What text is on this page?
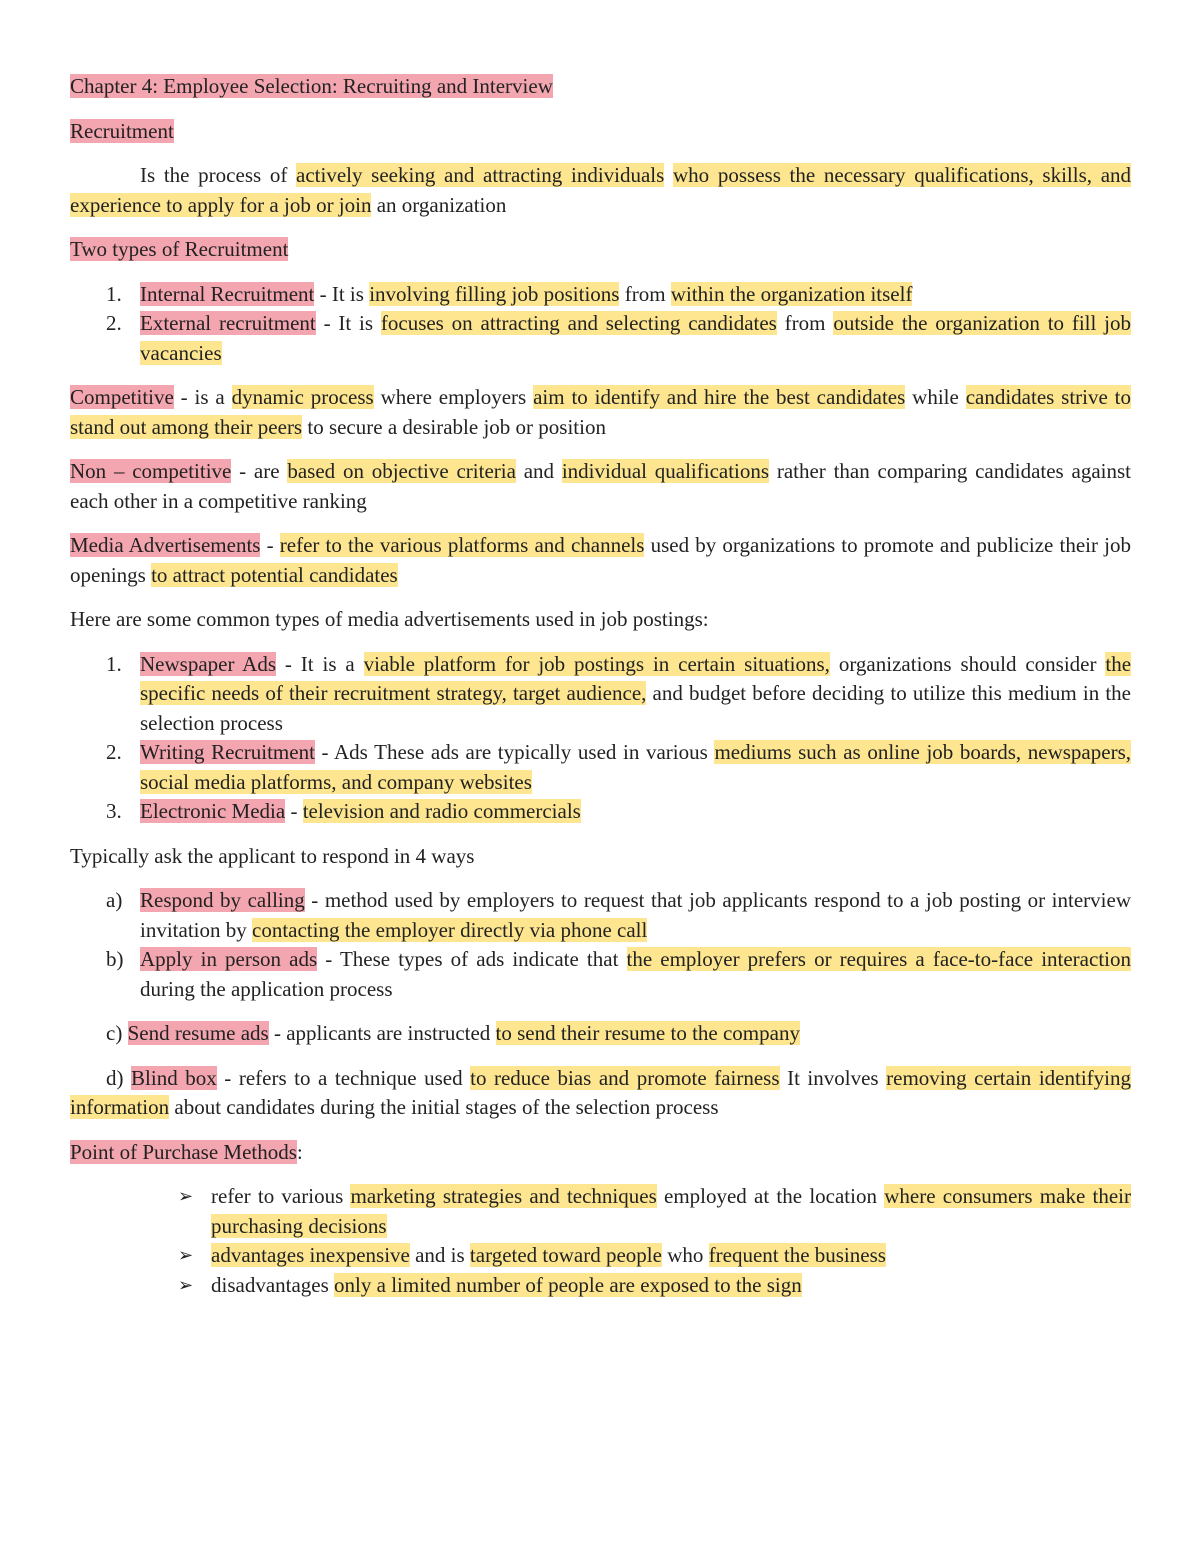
Chapter 4: Employee Selection: Recruiting and Interview

Recruitment

Is the process of actively seeking and attracting individuals who possess the necessary qualifications, skills, and experience to apply for a job or join an organization

Two types of Recruitment

1. Internal Recruitment - It is involving filling job positions from within the organization itself
2. External recruitment - It is focuses on attracting and selecting candidates from outside the organization to fill job vacancies

Competitive - is a dynamic process where employers aim to identify and hire the best candidates while candidates strive to stand out among their peers to secure a desirable job or position

Non – competitive - are based on objective criteria and individual qualifications rather than comparing candidates against each other in a competitive ranking

Media Advertisements - refer to the various platforms and channels used by organizations to promote and publicize their job openings to attract potential candidates

Here are some common types of media advertisements used in job postings:

1. Newspaper Ads - It is a viable platform for job postings in certain situations, organizations should consider the specific needs of their recruitment strategy, target audience, and budget before deciding to utilize this medium in the selection process
2. Writing Recruitment - Ads These ads are typically used in various mediums such as online job boards, newspapers, social media platforms, and company websites
3. Electronic Media - television and radio commercials

Typically ask the applicant to respond in 4 ways

a) Respond by calling - method used by employers to request that job applicants respond to a job posting or interview invitation by contacting the employer directly via phone call
b) Apply in person ads - These types of ads indicate that the employer prefers or requires a face-to-face interaction during the application process

c) Send resume ads - applicants are instructed to send their resume to the company

d) Blind box - refers to a technique used to reduce bias and promote fairness It involves removing certain identifying information about candidates during the initial stages of the selection process

Point of Purchase Methods:

➢ refer to various marketing strategies and techniques employed at the location where consumers make their purchasing decisions
➢ advantages inexpensive and is targeted toward people who frequent the business
➢ disadvantages only a limited number of people are exposed to the sign
